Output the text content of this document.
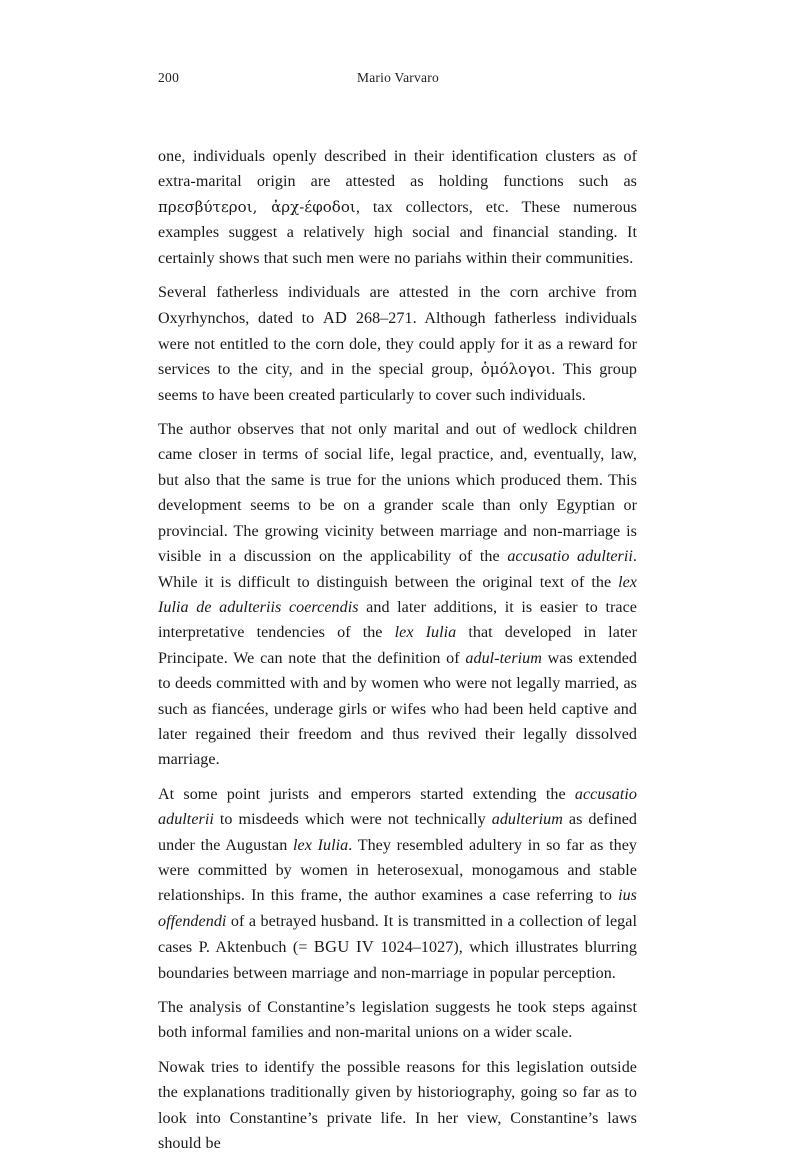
200	Mario Varvaro

one, individuals openly described in their identification clusters as of extra-marital origin are attested as holding functions such as πρεσβύτεροι, ἀρχ-έφοδοι, tax collectors, etc. These numerous examples suggest a relatively high social and financial standing. It certainly shows that such men were no pariahs within their communities.

Several fatherless individuals are attested in the corn archive from Oxyrhynchos, dated to AD 268–271. Although fatherless individuals were not entitled to the corn dole, they could apply for it as a reward for services to the city, and in the special group, ὁμόλογοι. This group seems to have been created particularly to cover such individuals.

The author observes that not only marital and out of wedlock children came closer in terms of social life, legal practice, and, eventually, law, but also that the same is true for the unions which produced them. This development seems to be on a grander scale than only Egyptian or provincial. The growing vicinity between marriage and non-marriage is visible in a discussion on the applicability of the accusatio adulterii. While it is difficult to distinguish between the original text of the lex Iulia de adulteriis coercendis and later additions, it is easier to trace interpretative tendencies of the lex Iulia that developed in later Principate. We can note that the definition of adul-terium was extended to deeds committed with and by women who were not legally married, as such as fiancées, underage girls or wifes who had been held captive and later regained their freedom and thus revived their legally dissolved marriage.

At some point jurists and emperors started extending the accusatio adulterii to misdeeds which were not technically adulterium as defined under the Augustan lex Iulia. They resembled adultery in so far as they were committed by women in heterosexual, monogamous and stable relationships. In this frame, the author examines a case referring to ius offendendi of a betrayed husband. It is transmitted in a collection of legal cases P. Aktenbuch (= BGU IV 1024–1027), which illustrates blurring boundaries between marriage and non-marriage in popular perception.

The analysis of Constantine’s legislation suggests he took steps against both informal families and non-marital unions on a wider scale.

Nowak tries to identify the possible reasons for this legislation outside the explanations traditionally given by historiography, going so far as to look into Constantine’s private life. In her view, Constantine’s laws should be
